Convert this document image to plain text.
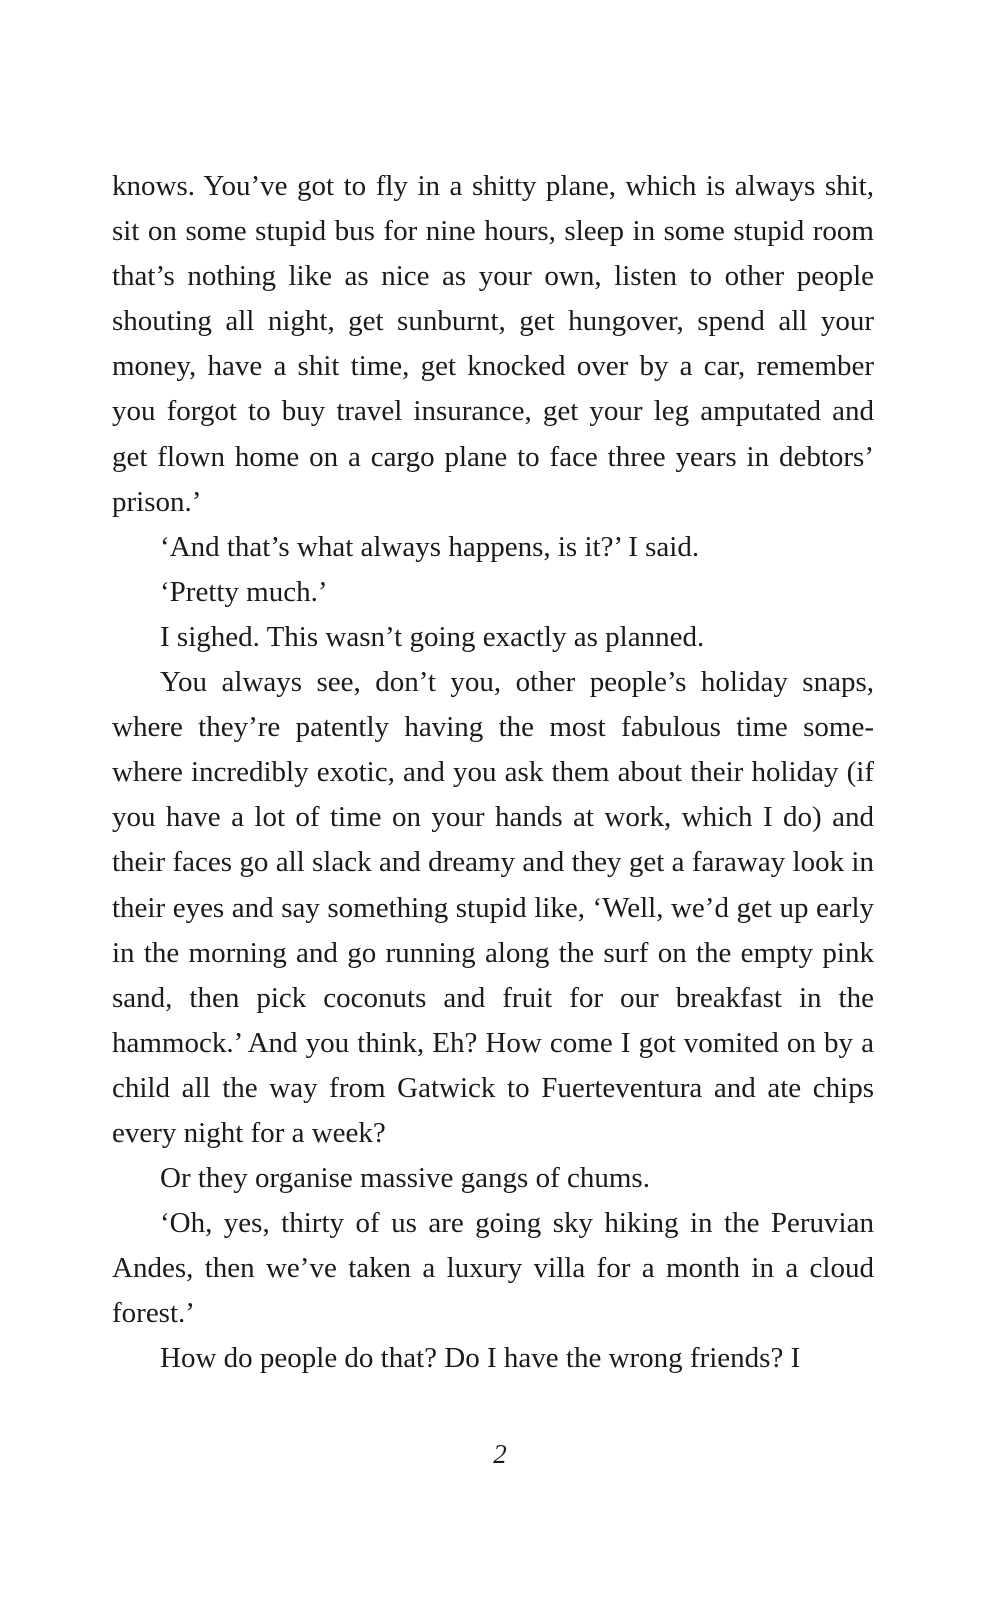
knows. You’ve got to fly in a shitty plane, which is always shit, sit on some stupid bus for nine hours, sleep in some stupid room that’s nothing like as nice as your own, listen to other people shouting all night, get sunburnt, get hungover, spend all your money, have a shit time, get knocked over by a car, remember you forgot to buy travel insurance, get your leg amputated and get flown home on a cargo plane to face three years in debtors’ prison.’

‘And that’s what always happens, is it?’ I said.

‘Pretty much.’

I sighed. This wasn’t going exactly as planned.

You always see, don’t you, other people’s holiday snaps, where they’re patently having the most fabulous time some-where incredibly exotic, and you ask them about their holiday (if you have a lot of time on your hands at work, which I do) and their faces go all slack and dreamy and they get a faraway look in their eyes and say something stupid like, ‘Well, we’d get up early in the morning and go running along the surf on the empty pink sand, then pick coconuts and fruit for our breakfast in the hammock.’ And you think, Eh? How come I got vomited on by a child all the way from Gatwick to Fuerteventura and ate chips every night for a week?

Or they organise massive gangs of chums.

‘Oh, yes, thirty of us are going sky hiking in the Peruvian Andes, then we’ve taken a luxury villa for a month in a cloud forest.’

How do people do that? Do I have the wrong friends? I

2
